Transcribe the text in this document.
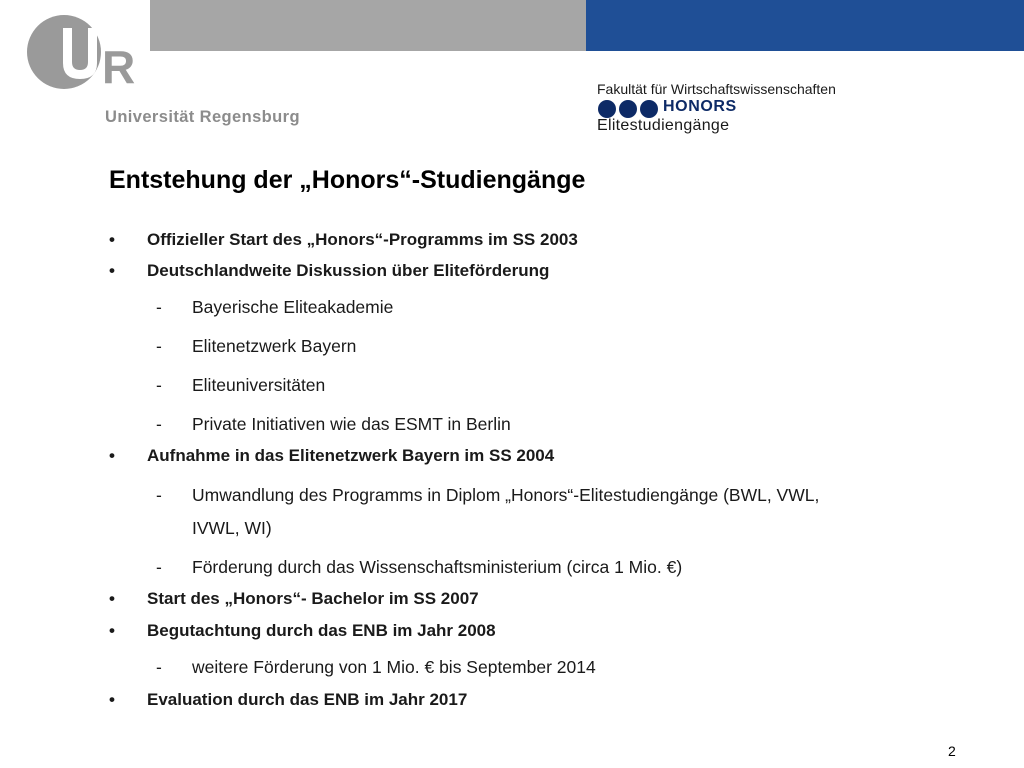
R
Universität Regensburg
Fakultät für Wirtschaftswissenschaften
HONORS
Elitestudiengänge
Entstehung der „Honors“-Studiengänge
• Offizieller Start des „Honors“-Programms im SS 2003
• Deutschlandweite Diskussion über Eliteförderung
- Bayerische Eliteakademie
- Elitenetzwerk Bayern
- Eliteuniversitäten
- Private Initiativen wie das ESMT in Berlin
• Aufnahme in das Elitenetzwerk Bayern im SS 2004
- Umwandlung des Programms in Diplom „Honors“-Elitestudiengänge (BWL, VWL,
IVWL, WI)
- Förderung durch das Wissenschaftsministerium (circa 1 Mio. €)
• Start des „Honors“- Bachelor im SS 2007
• Begutachtung durch das ENB im Jahr 2008
- weitere Förderung von 1 Mio. € bis September 2014
• Evaluation durch das ENB im Jahr 2017
2
